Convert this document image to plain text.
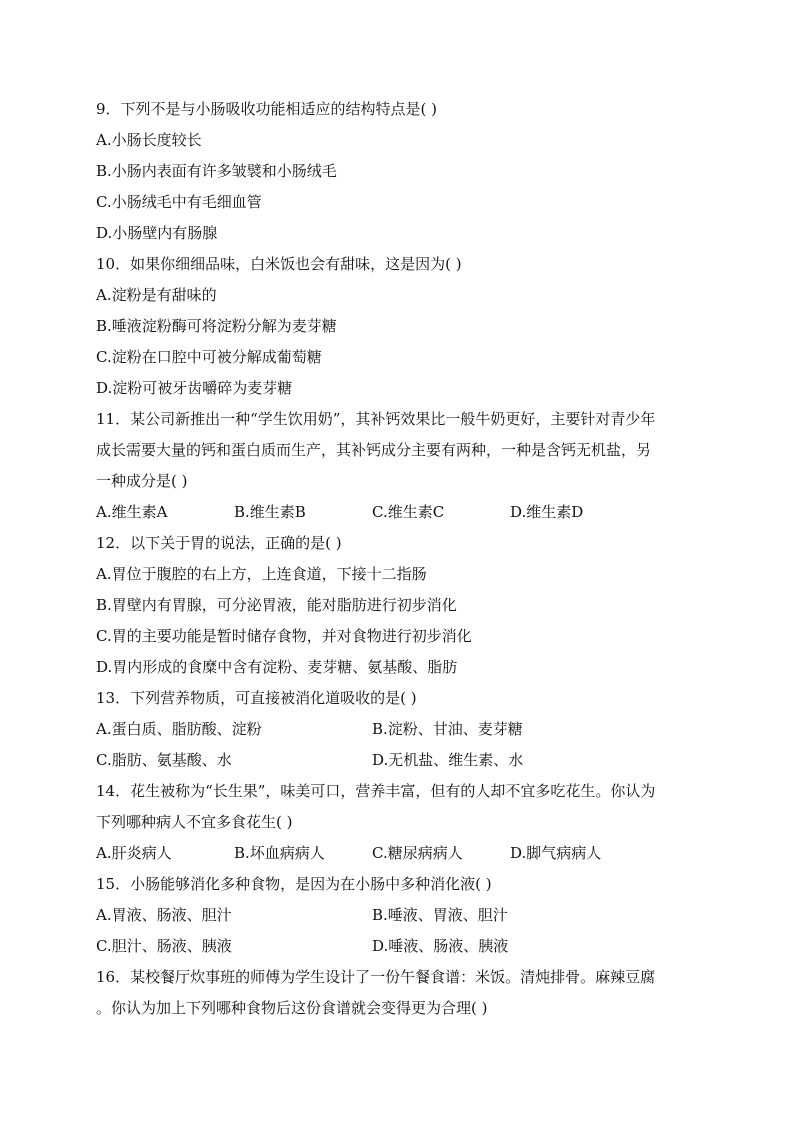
9．下列不是与小肠吸收功能相适应的结构特点是( )
A.小肠长度较长
B.小肠内表面有许多皱襞和小肠绒毛
C.小肠绒毛中有毛细血管
D.小肠壁内有肠腺
10．如果你细细品味，白米饭也会有甜味，这是因为( )
A.淀粉是有甜味的
B.唾液淀粉酶可将淀粉分解为麦芽糖
C.淀粉在口腔中可被分解成葡萄糖
D.淀粉可被牙齿嚼碎为麦芽糖
11．某公司新推出一种“学生饮用奶”，其补钙效果比一般牛奶更好，主要针对青少年
成长需要大量的钙和蛋白质而生产，其补钙成分主要有两种，一种是含钙无机盐，另
一种成分是( )
A.维生素A	B.维生素B	C.维生素C	D.维生素D
12．以下关于胃的说法，正确的是( )
A.胃位于腹腔的右上方，上连食道，下接十二指肠
B.胃壁内有胃腺，可分泌胃液，能对脂肪进行初步消化
C.胃的主要功能是暂时储存食物，并对食物进行初步消化
D.胃内形成的食糜中含有淀粉、麦芽糖、氨基酸、脂肪
13．下列营养物质，可直接被消化道吸收的是( )
A.蛋白质、脂肪酸、淀粉	B.淀粉、甘油、麦芽糖
C.脂肪、氨基酸、水	D.无机盐、维生素、水
14．花生被称为“长生果”，味美可口，营养丰富，但有的人却不宜多吃花生。你认为
下列哪种病人不宜多食花生( )
A.肝炎病人	B.坏血病病人	C.糖尿病病人	D.脚气病病人
15．小肠能够消化多种食物，是因为在小肠中多种消化液( )
A.胃液、肠液、胆汁	B.唾液、胃液、胆汁
C.胆汁、肠液、胰液	D.唾液、肠液、胰液
16．某校餐厅炊事班的师傅为学生设计了一份午餐食谱：米饭。清炖排骨。麻辣豆腐
。你认为加上下列哪种食物后这份食谱就会变得更为合理( )
